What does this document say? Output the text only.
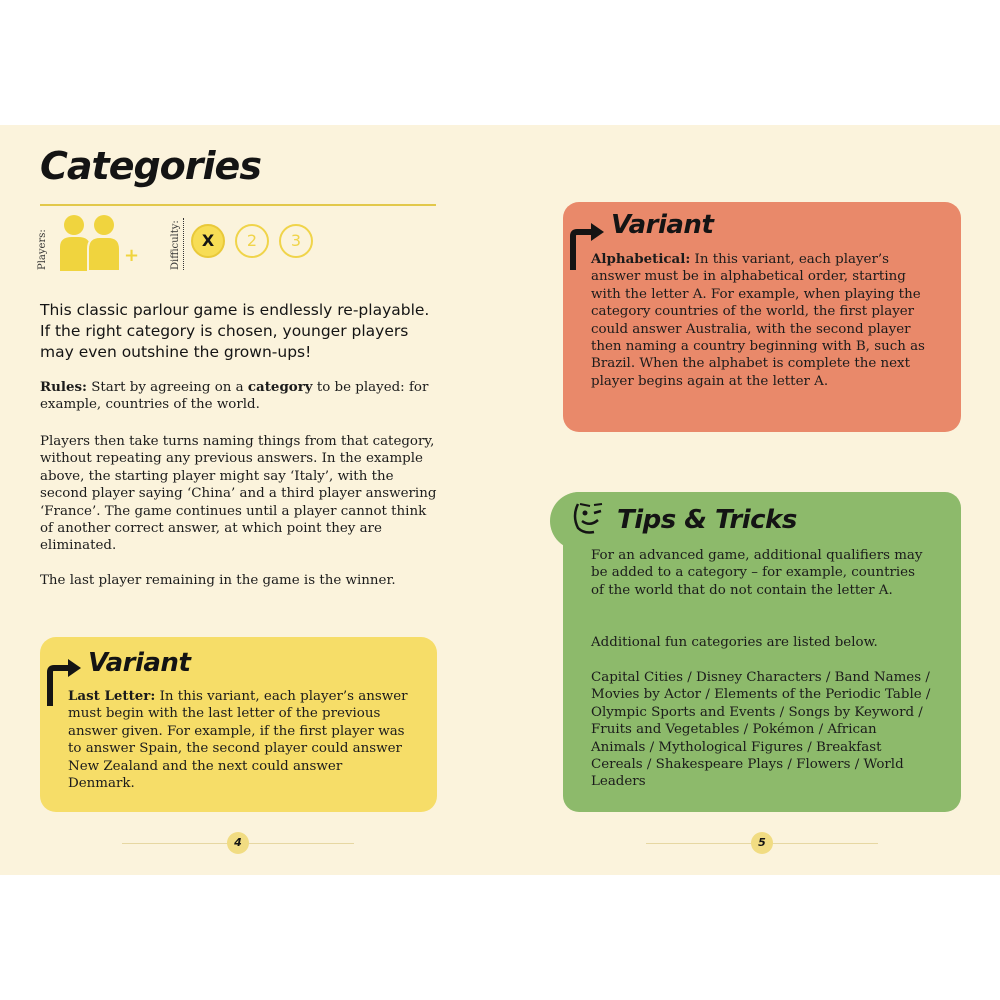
Categories
Players:	+	Difficulty:	X	2	3

This classic parlour game is endlessly re-playable. If the right category is chosen, younger players may even outshine the grown-ups!

Rules: Start by agreeing on a category to be played: for example, countries of the world.

Players then take turns naming things from that category, without repeating any previous answers. In the example above, the starting player might say ‘Italy’, with the second player saying ‘China’ and a third player answering ‘France’. The game continues until a player cannot think of another correct answer, at which point they are eliminated.

The last player remaining in the game is the winner.

Variant

Last Letter: In this variant, each player’s answer must begin with the last letter of the previous answer given. For example, if the first player was to answer Spain, the second player could answer New Zealand and the next could answer Denmark.

4
Variant

Alphabetical: In this variant, each player’s answer must be in alphabetical order, starting with the letter A. For example, when playing the category countries of the world, the first player could answer Australia, with the second player then naming a country beginning with B, such as Brazil. When the alphabet is complete the next player begins again at the letter A.

Tips & Tricks

For an advanced game, additional qualifiers may be added to a category – for example, countries of the world that do not contain the letter A.

Additional fun categories are listed below.

Capital Cities / Disney Characters / Band Names / Movies by Actor / Elements of the Periodic Table / Olympic Sports and Events / Songs by Keyword / Fruits and Vegetables / Pokémon / African Animals / Mythological Figures / Breakfast Cereals / Shakespeare Plays / Flowers / World Leaders

5
